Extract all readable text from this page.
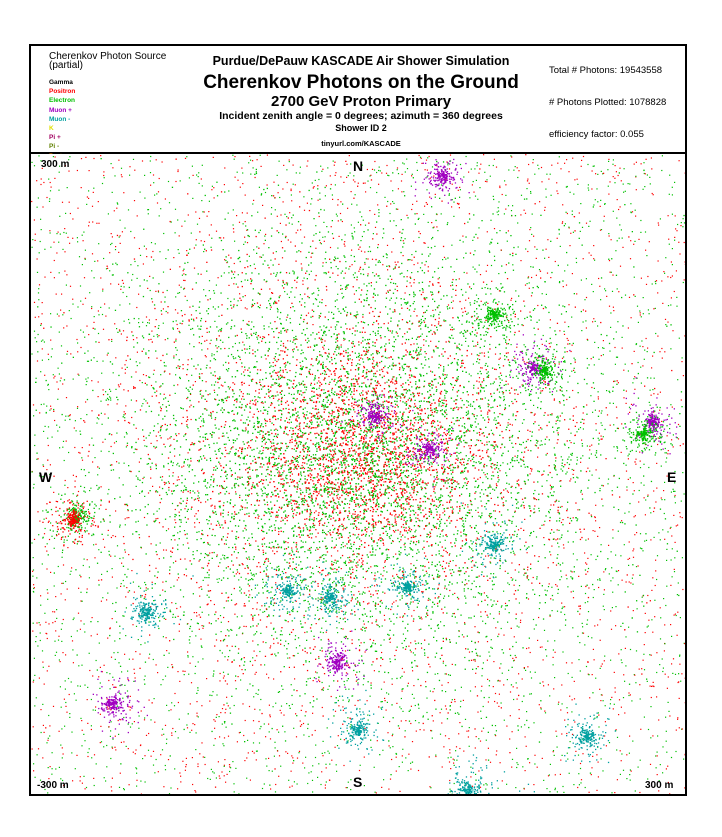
Cherenkov Photon Source
(partial)
Gamma
Positron
Electron
Muon +
Muon -
K
Pi +
Pi -
Purdue/DePauw KASCADE Air Shower Simulation
Cherenkov Photons on the Ground
2700 GeV Proton Primary
Incident zenith angle = 0 degrees; azimuth = 360 degrees
Shower ID 2
tinyurl.com/KASCADE
Total # Photons: 19543558
# Photons Plotted: 1078828
efficiency factor: 0.055
300 m	N
W	E
S
-300 m	300 m
